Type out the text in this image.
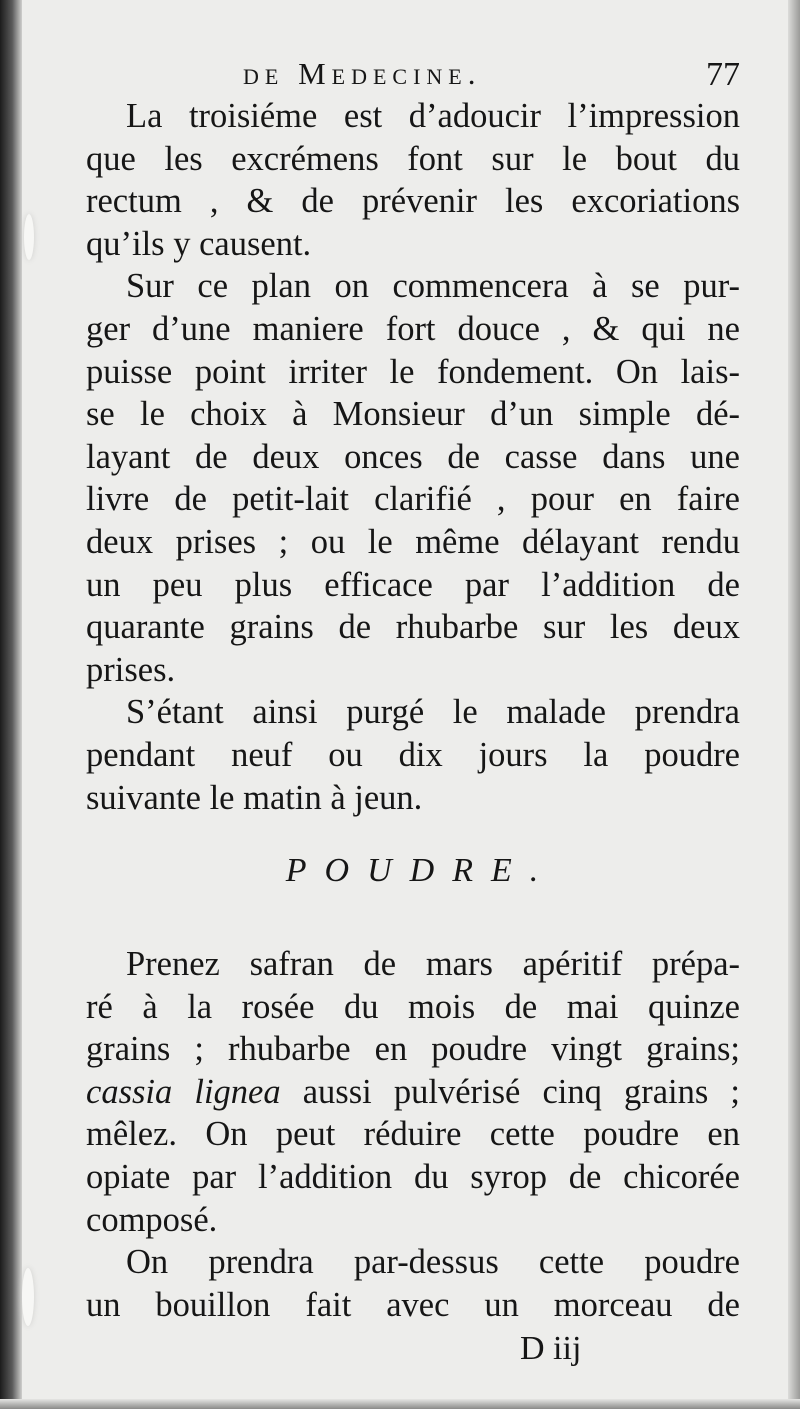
de Medecine.	77
La troisiéme est d’adoucir l’impression
que les excrémens font sur le bout du
rectum , & de prévenir les excoriations
qu’ils y causent.
Sur ce plan on commencera à se pur-
ger d’une maniere fort douce , & qui ne
puisse point irriter le fondement. On lais-
se le choix à Monsieur d’un simple dé-
layant de deux onces de casse dans une
livre de petit-lait clarifié , pour en faire
deux prises ; ou le même délayant rendu
un peu plus efficace par l’addition de
quarante grains de rhubarbe sur les deux
prises.
S’étant ainsi purgé le malade prendra
pendant neuf ou dix jours la poudre
suivante le matin à jeun.
POUDRE.
Prenez safran de mars apéritif prépa-
ré à la rosée du mois de mai quinze
grains ; rhubarbe en poudre vingt grains;
cassia lignea aussi pulvérisé cinq grains ;
mêlez. On peut réduire cette poudre en
opiate par l’addition du syrop de chicorée
composé.
On prendra par-dessus cette poudre
un bouillon fait avec un morceau de
D iij
